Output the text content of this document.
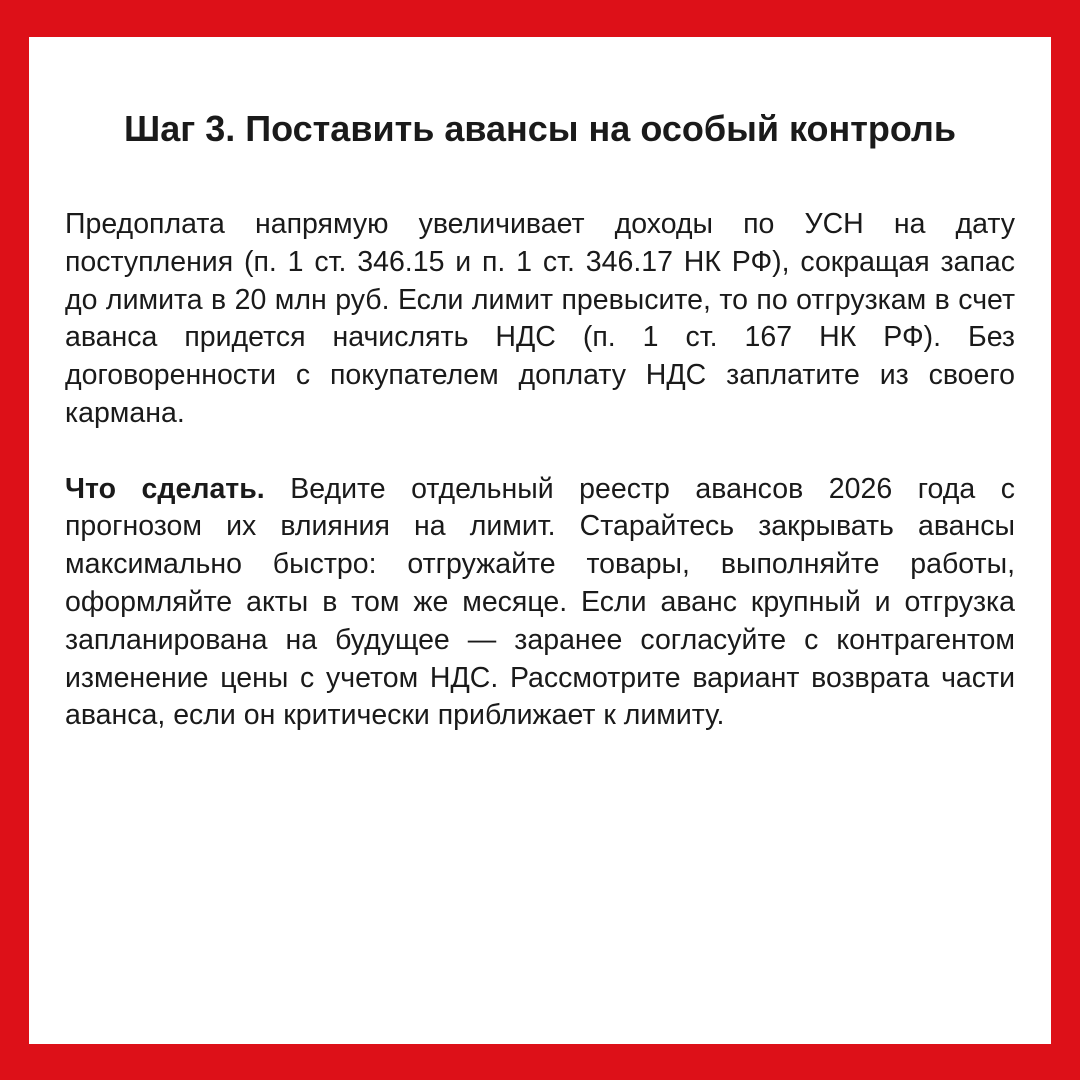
Шаг 3. Поставить авансы на особый контроль

Предоплата напрямую увеличивает доходы по УСН на дату поступления (п. 1 ст. 346.15 и п. 1 ст. 346.17 НК РФ), сокращая запас до лимита в 20 млн руб. Если лимит превысите, то по отгрузкам в счет аванса придется начислять НДС (п. 1 ст. 167 НК РФ). Без договоренности с покупателем доплату НДС заплатите из своего кармана.

Что сделать. Ведите отдельный реестр авансов 2026 года с прогнозом их влияния на лимит. Старайтесь закрывать авансы максимально быстро: отгружайте товары, выполняйте работы, оформляйте акты в том же месяце. Если аванс крупный и отгрузка запланирована на будущее — заранее согласуйте с контрагентом изменение цены с учетом НДС. Рассмотрите вариант возврата части аванса, если он критически приближает к лимиту.
